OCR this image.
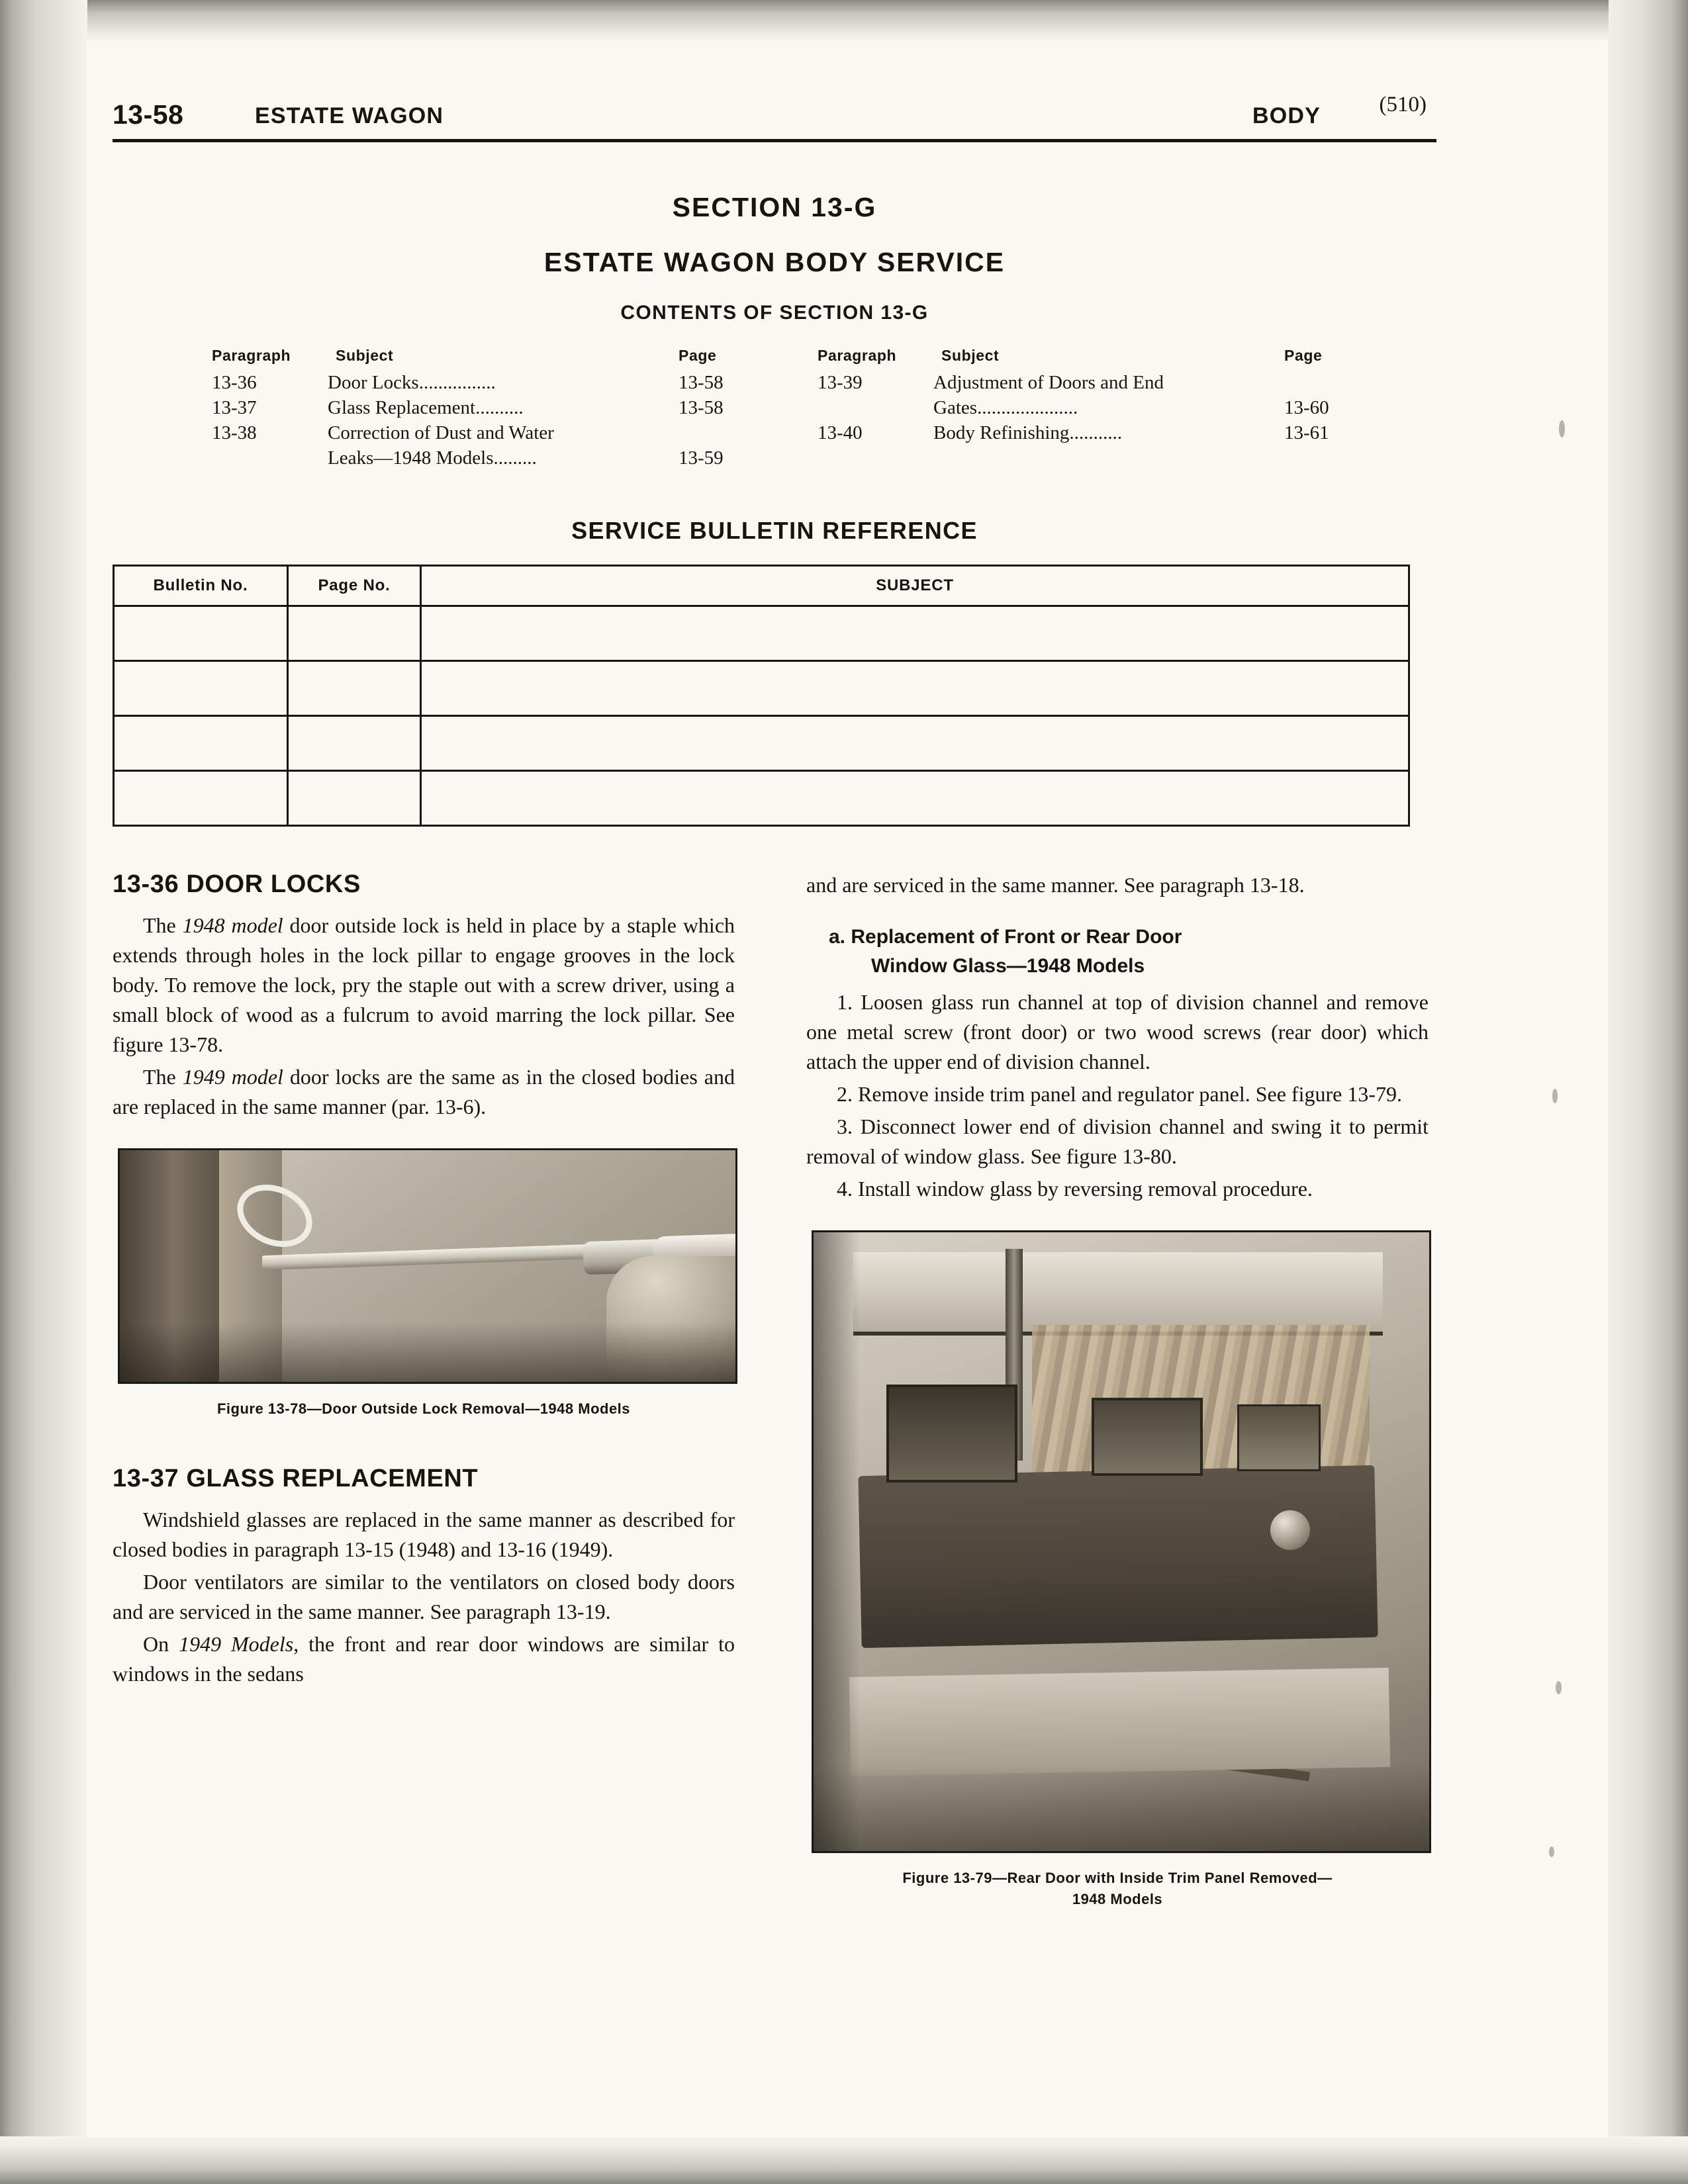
13-58	ESTATE WAGON	BODY	(510)
SECTION 13-G
ESTATE WAGON BODY SERVICE
CONTENTS OF SECTION 13-G
Paragraph	Subject	Page
13-36	Door Locks................	13-58
13-37	Glass Replacement..........	13-58
13-38	Correction of Dust and Water
Leaks—1948 Models.........	13-59
Paragraph	Subject	Page
13-39	Adjustment of Doors and End
Gates.....................	13-60
13-40	Body Refinishing...........	13-61
SERVICE BULLETIN REFERENCE
Bulletin No.	Page No.	SUBJECT

13-36 DOOR LOCKS

The 1948 model door outside lock is held in place by a staple which extends through holes in the lock pillar to engage grooves in the lock body. To remove the lock, pry the staple out with a screw driver, using a small block of wood as a fulcrum to avoid marring the lock pillar. See figure 13-78.

The 1949 model door locks are the same as in the closed bodies and are replaced in the same manner (par. 13-6).

Figure 13-78—Door Outside Lock Removal—1948 Models
13-37 GLASS REPLACEMENT

Windshield glasses are replaced in the same manner as described for closed bodies in paragraph 13-15 (1948) and 13-16 (1949).

Door ventilators are similar to the ventilators on closed body doors and are serviced in the same manner. See paragraph 13-19.

On 1949 Models, the front and rear door windows are similar to windows in the sedans

and are serviced in the same manner. See paragraph 13-18.

a. Replacement of Front or Rear Door
Window Glass—1948 Models

1. Loosen glass run channel at top of division channel and remove one metal screw (front door) or two wood screws (rear door) which attach the upper end of division channel.

2. Remove inside trim panel and regulator panel. See figure 13-79.

3. Disconnect lower end of division channel and swing it to permit removal of window glass. See figure 13-80.

4. Install window glass by reversing removal procedure.

Figure 13-79—Rear Door with Inside Trim Panel Removed—
1948 Models
